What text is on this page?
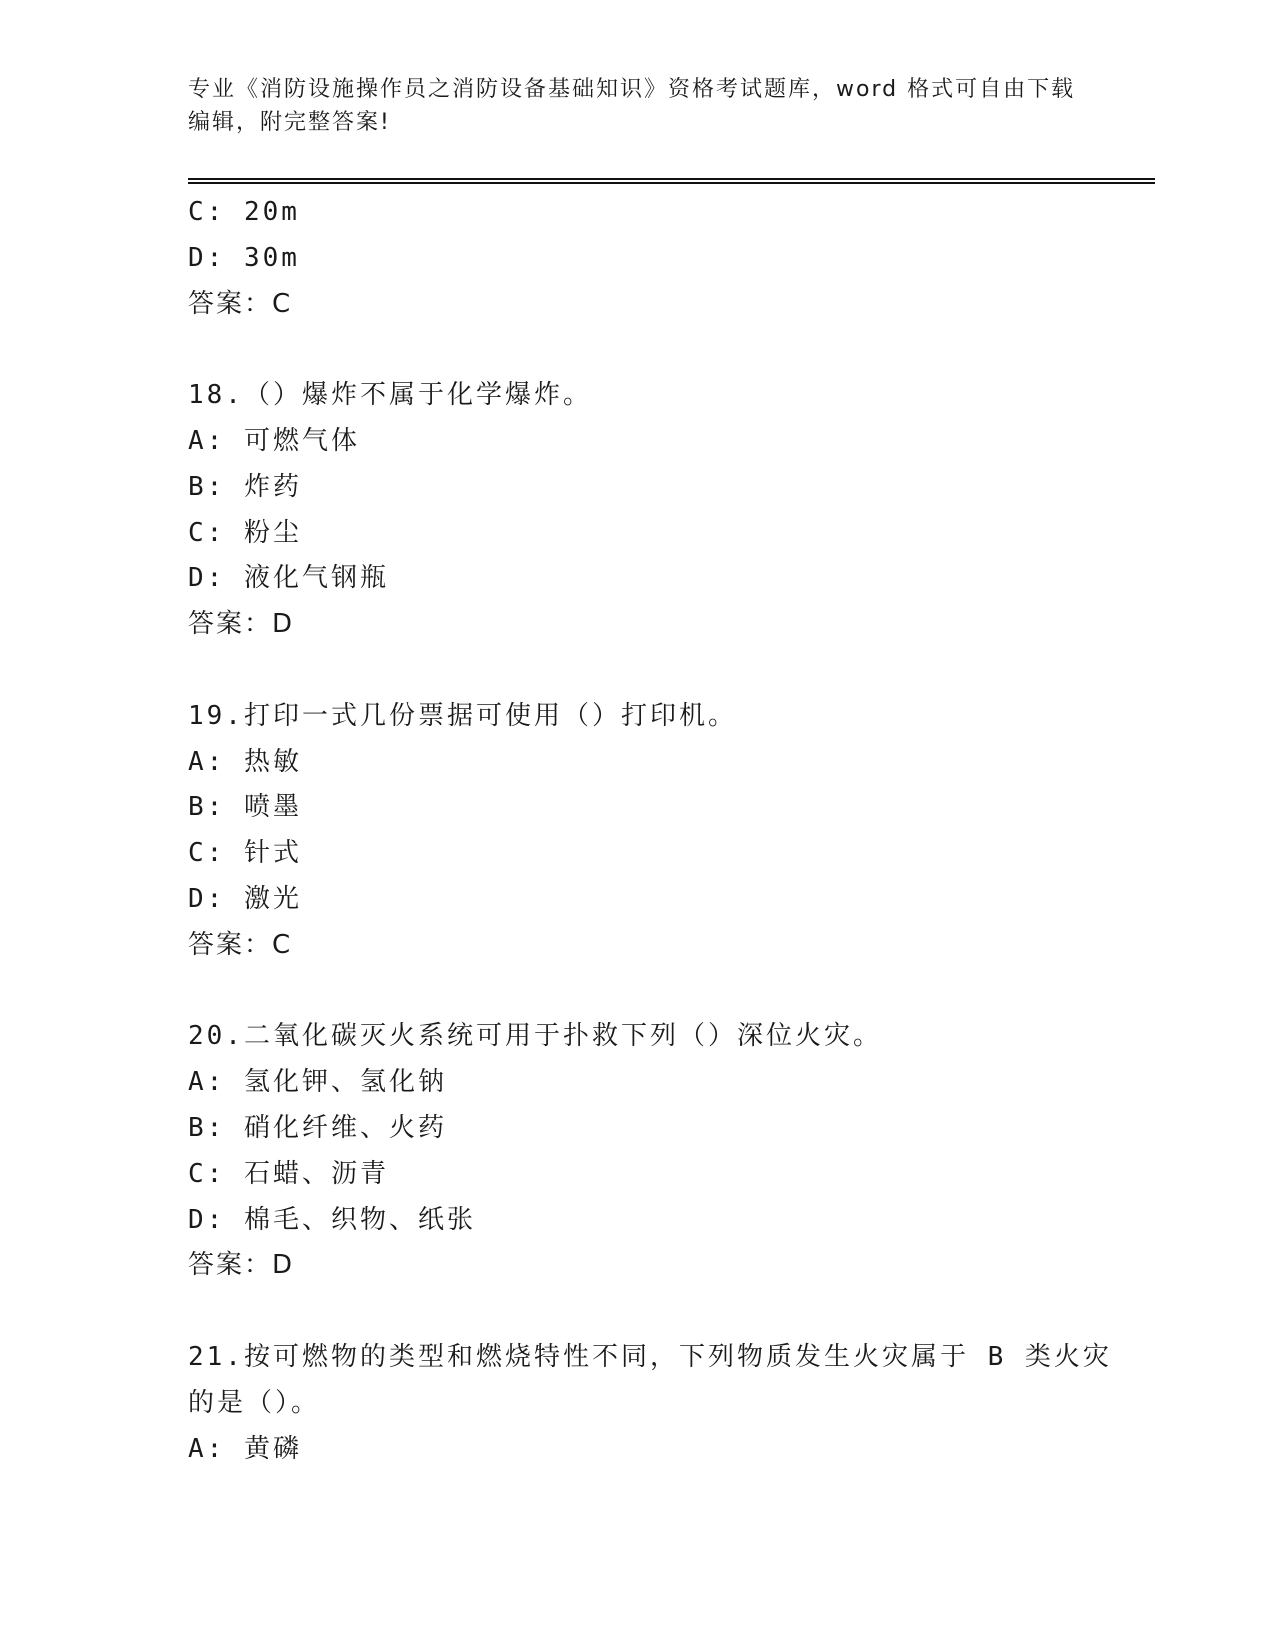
专业《消防设施操作员之消防设备基础知识》资格考试题库，word 格式可自由下载编辑，附完整答案!
C: 20m
D: 30m
答案：C
18.（）爆炸不属于化学爆炸。
A: 可燃气体
B: 炸药
C: 粉尘
D: 液化气钢瓶
答案：D
19.打印一式几份票据可使用（）打印机。
A: 热敏
B: 喷墨
C: 针式
D: 激光
答案：C
20.二氧化碳灭火系统可用于扑救下列（）深位火灾。
A: 氢化钾、氢化钠
B: 硝化纤维、火药
C: 石蜡、沥青
D: 棉毛、织物、纸张
答案：D
21.按可燃物的类型和燃烧特性不同，下列物质发生火灾属于 B 类火灾
的是（）。
A: 黄磷
